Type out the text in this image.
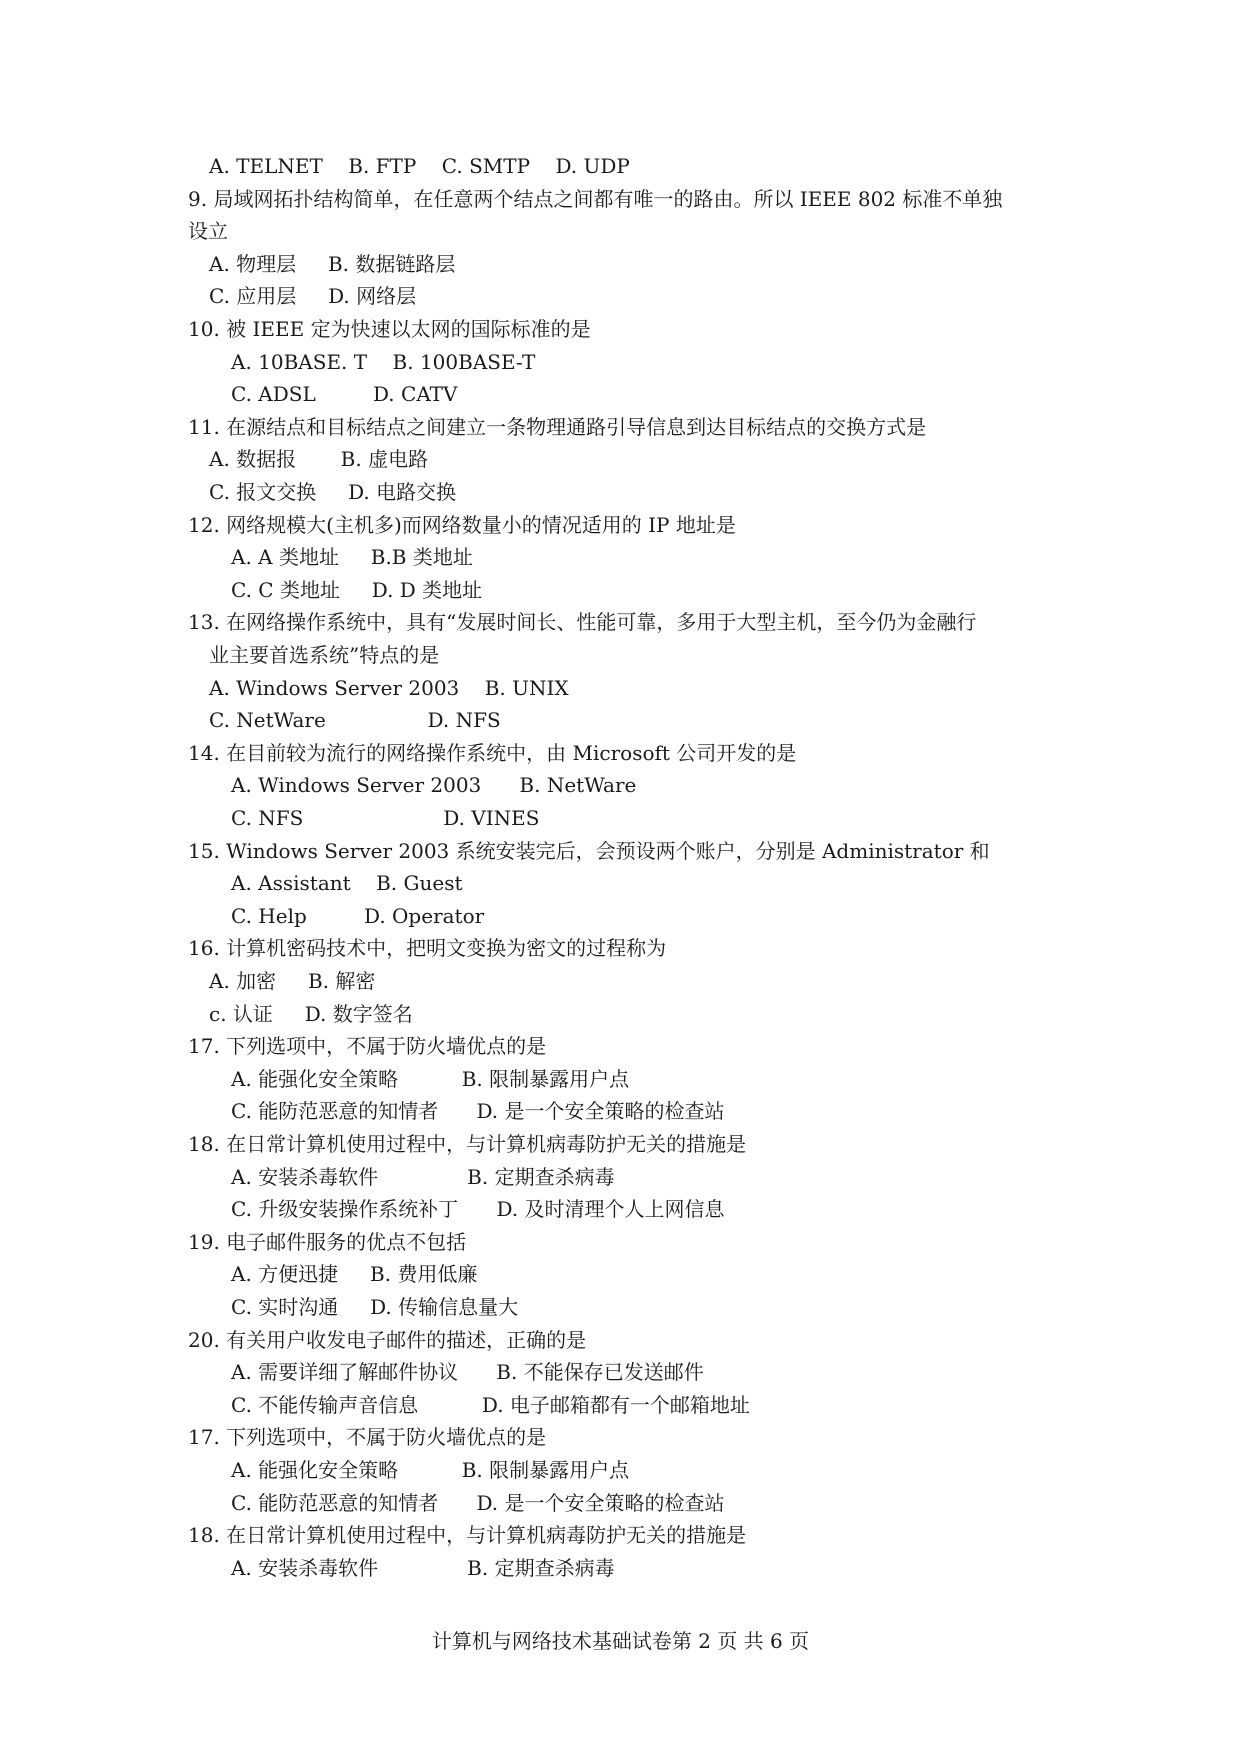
A. TELNET    B. FTP    C. SMTP    D. UDP
9. 局域网拓扑结构简单，在任意两个结点之间都有唯一的路由。所以 IEEE 802 标准不单独
设立
A. 物理层     B. 数据链路层
C. 应用层     D. 网络层
10. 被 IEEE 定为快速以太网的国际标准的是
A. 10BASE. T    B. 100BASE-T
C. ADSL         D. CATV
11. 在源结点和目标结点之间建立一条物理通路引导信息到达目标结点的交换方式是
A. 数据报       B. 虚电路
C. 报文交换     D. 电路交换
12. 网络规模大(主机多)而网络数量小的情况适用的 IP 地址是
A. A 类地址     B.B 类地址
C. C 类地址     D. D 类地址
13. 在网络操作系统中，具有“发展时间长、性能可靠，多用于大型主机，至今仍为金融行
业主要首选系统”特点的是
A. Windows Server 2003    B. UNIX
C. NetWare                D. NFS
14. 在目前较为流行的网络操作系统中，由 Microsoft 公司开发的是
A. Windows Server 2003      B. NetWare
C. NFS                      D. VINES
15. Windows Server 2003 系统安装完后，会预设两个账户，分别是 Administrator 和
A. Assistant    B. Guest
C. Help         D. Operator
16. 计算机密码技术中，把明文变换为密文的过程称为
A. 加密     B. 解密
c. 认证     D. 数字签名
17. 下列选项中，不属于防火墙优点的是
A. 能强化安全策略          B. 限制暴露用户点
C. 能防范恶意的知情者      D. 是一个安全策略的检查站
18. 在日常计算机使用过程中，与计算机病毒防护无关的措施是
A. 安装杀毒软件              B. 定期查杀病毒
C. 升级安装操作系统补丁      D. 及时清理个人上网信息
19. 电子邮件服务的优点不包括
A. 方便迅捷     B. 费用低廉
C. 实时沟通     D. 传输信息量大
20. 有关用户收发电子邮件的描述，正确的是
A. 需要详细了解邮件协议      B. 不能保存已发送邮件
C. 不能传输声音信息          D. 电子邮箱都有一个邮箱地址
17. 下列选项中，不属于防火墙优点的是
A. 能强化安全策略          B. 限制暴露用户点
C. 能防范恶意的知情者      D. 是一个安全策略的检查站
18. 在日常计算机使用过程中，与计算机病毒防护无关的措施是
A. 安装杀毒软件              B. 定期查杀病毒
计算机与网络技术基础试卷第 2 页 共 6 页
